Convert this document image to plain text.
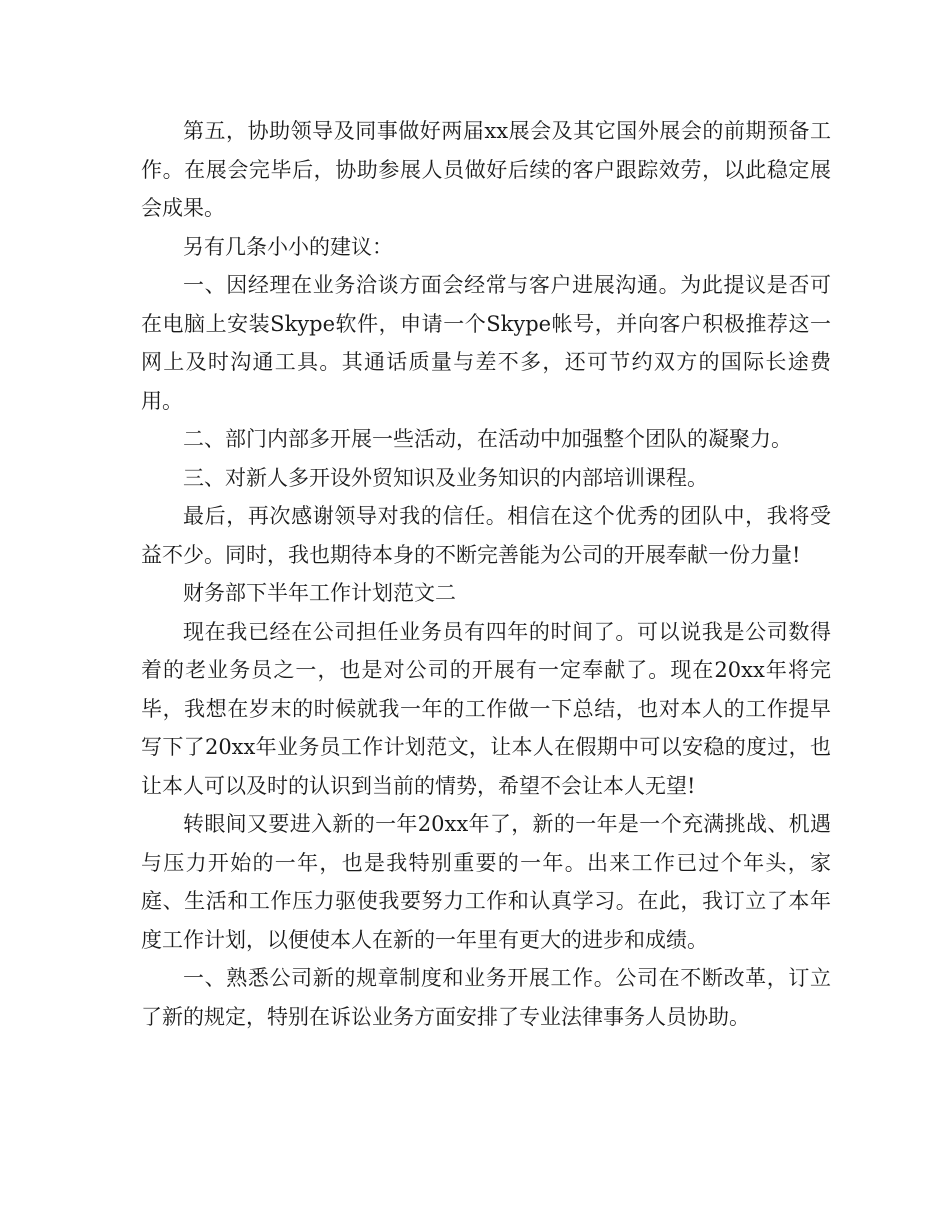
第五，协助领导及同事做好两届xx展会及其它国外展会的前期预备工作。在展会完毕后，协助参展人员做好后续的客户跟踪效劳，以此稳定展会成果。

另有几条小小的建议：

一、因经理在业务洽谈方面会经常与客户进展沟通。为此提议是否可在电脑上安装Skype软件，申请一个Skype帐号，并向客户积极推荐这一网上及时沟通工具。其通话质量与差不多，还可节约双方的国际长途费用。

二、部门内部多开展一些活动，在活动中加强整个团队的凝聚力。

三、对新人多开设外贸知识及业务知识的内部培训课程。

最后，再次感谢领导对我的信任。相信在这个优秀的团队中，我将受益不少。同时，我也期待本身的不断完善能为公司的开展奉献一份力量!

财务部下半年工作计划范文二

现在我已经在公司担任业务员有四年的时间了。可以说我是公司数得着的老业务员之一，也是对公司的开展有一定奉献了。现在20xx年将完毕，我想在岁末的时候就我一年的工作做一下总结，也对本人的工作提早写下了20xx年业务员工作计划范文，让本人在假期中可以安稳的度过，也让本人可以及时的认识到当前的情势，希望不会让本人无望!

转眼间又要进入新的一年20xx年了，新的一年是一个充满挑战、机遇与压力开始的一年，也是我特别重要的一年。出来工作已过个年头，家庭、生活和工作压力驱使我要努力工作和认真学习。在此，我订立了本年度工作计划，以便使本人在新的一年里有更大的进步和成绩。

一、熟悉公司新的规章制度和业务开展工作。公司在不断改革，订立了新的规定，特别在诉讼业务方面安排了专业法律事务人员协助。
